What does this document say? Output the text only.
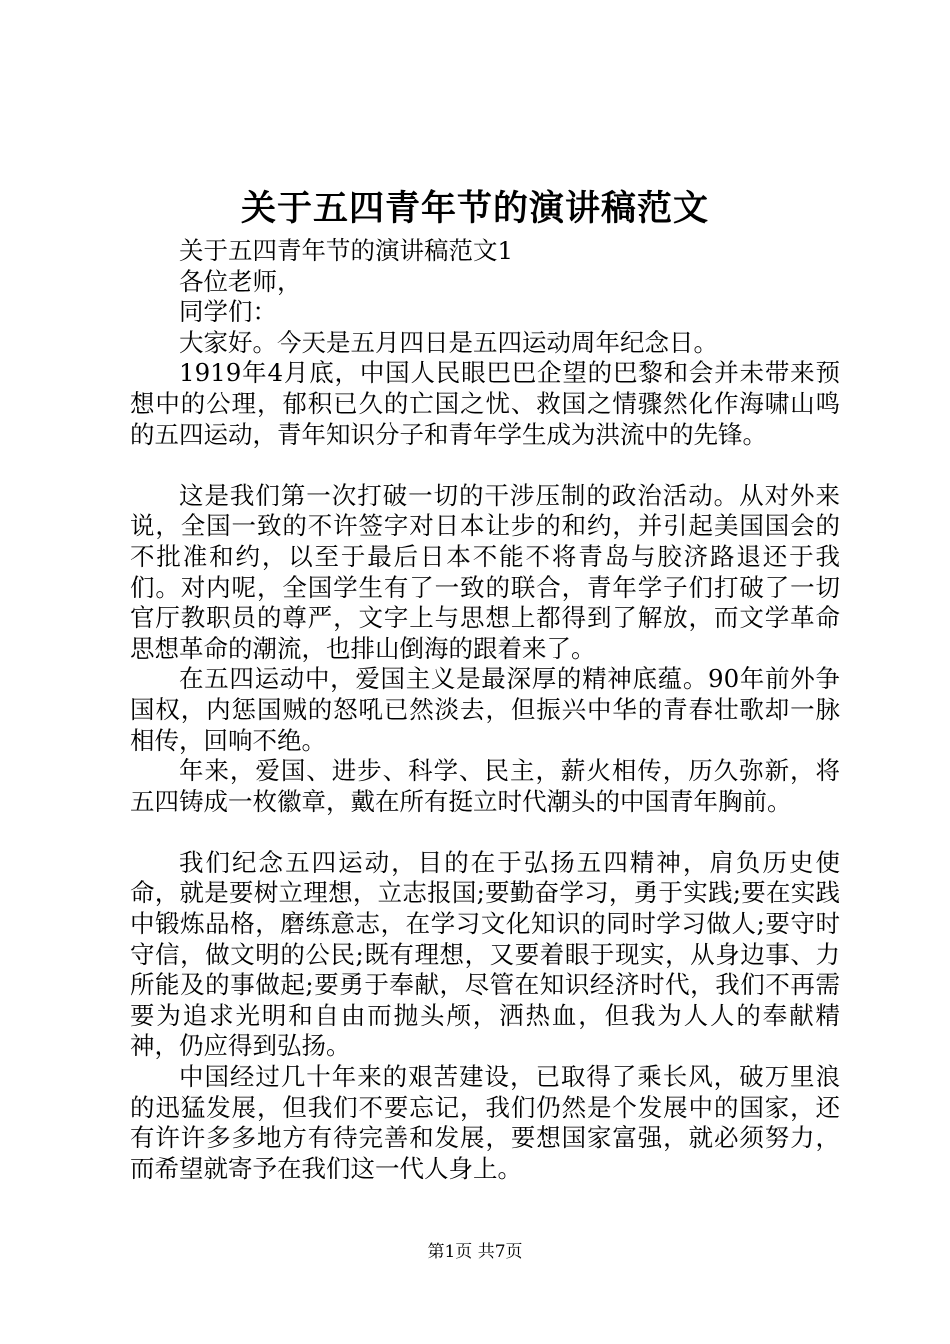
关于五四青年节的演讲稿范文

关于五四青年节的演讲稿范文1

各位老师，

同学们：

大家好。今天是五月四日是五四运动周年纪念日。

1919年4月底，中国人民眼巴巴企望的巴黎和会并未带来预想中的公理，郁积已久的亡国之忧、救国之情骤然化作海啸山鸣的五四运动，青年知识分子和青年学生成为洪流中的先锋。

这是我们第一次打破一切的干涉压制的政治活动。从对外来说，全国一致的不许签字对日本让步的和约，并引起美国国会的不批准和约，以至于最后日本不能不将青岛与胶济路退还于我们。对内呢，全国学生有了一致的联合，青年学子们打破了一切官厅教职员的尊严，文字上与思想上都得到了解放，而文学革命思想革命的潮流，也排山倒海的跟着来了。

在五四运动中，爱国主义是最深厚的精神底蕴。90年前外争国权，内惩国贼的怒吼已然淡去，但振兴中华的青春壮歌却一脉相传，回响不绝。

年来，爱国、进步、科学、民主，薪火相传，历久弥新，将五四铸成一枚徽章，戴在所有挺立时代潮头的中国青年胸前。

我们纪念五四运动，目的在于弘扬五四精神，肩负历史使命，就是要树立理想，立志报国;要勤奋学习，勇于实践;要在实践中锻炼品格，磨练意志，在学习文化知识的同时学习做人;要守时守信，做文明的公民;既有理想，又要着眼于现实，从身边事、力所能及的事做起;要勇于奉献，尽管在知识经济时代，我们不再需要为追求光明和自由而抛头颅，洒热血，但我为人人的奉献精神，仍应得到弘扬。

中国经过几十年来的艰苦建设，已取得了乘长风，破万里浪的迅猛发展，但我们不要忘记，我们仍然是个发展中的国家，还有许许多多地方有待完善和发展，要想国家富强，就必须努力，而希望就寄予在我们这一代人身上。

第1页 共7页
